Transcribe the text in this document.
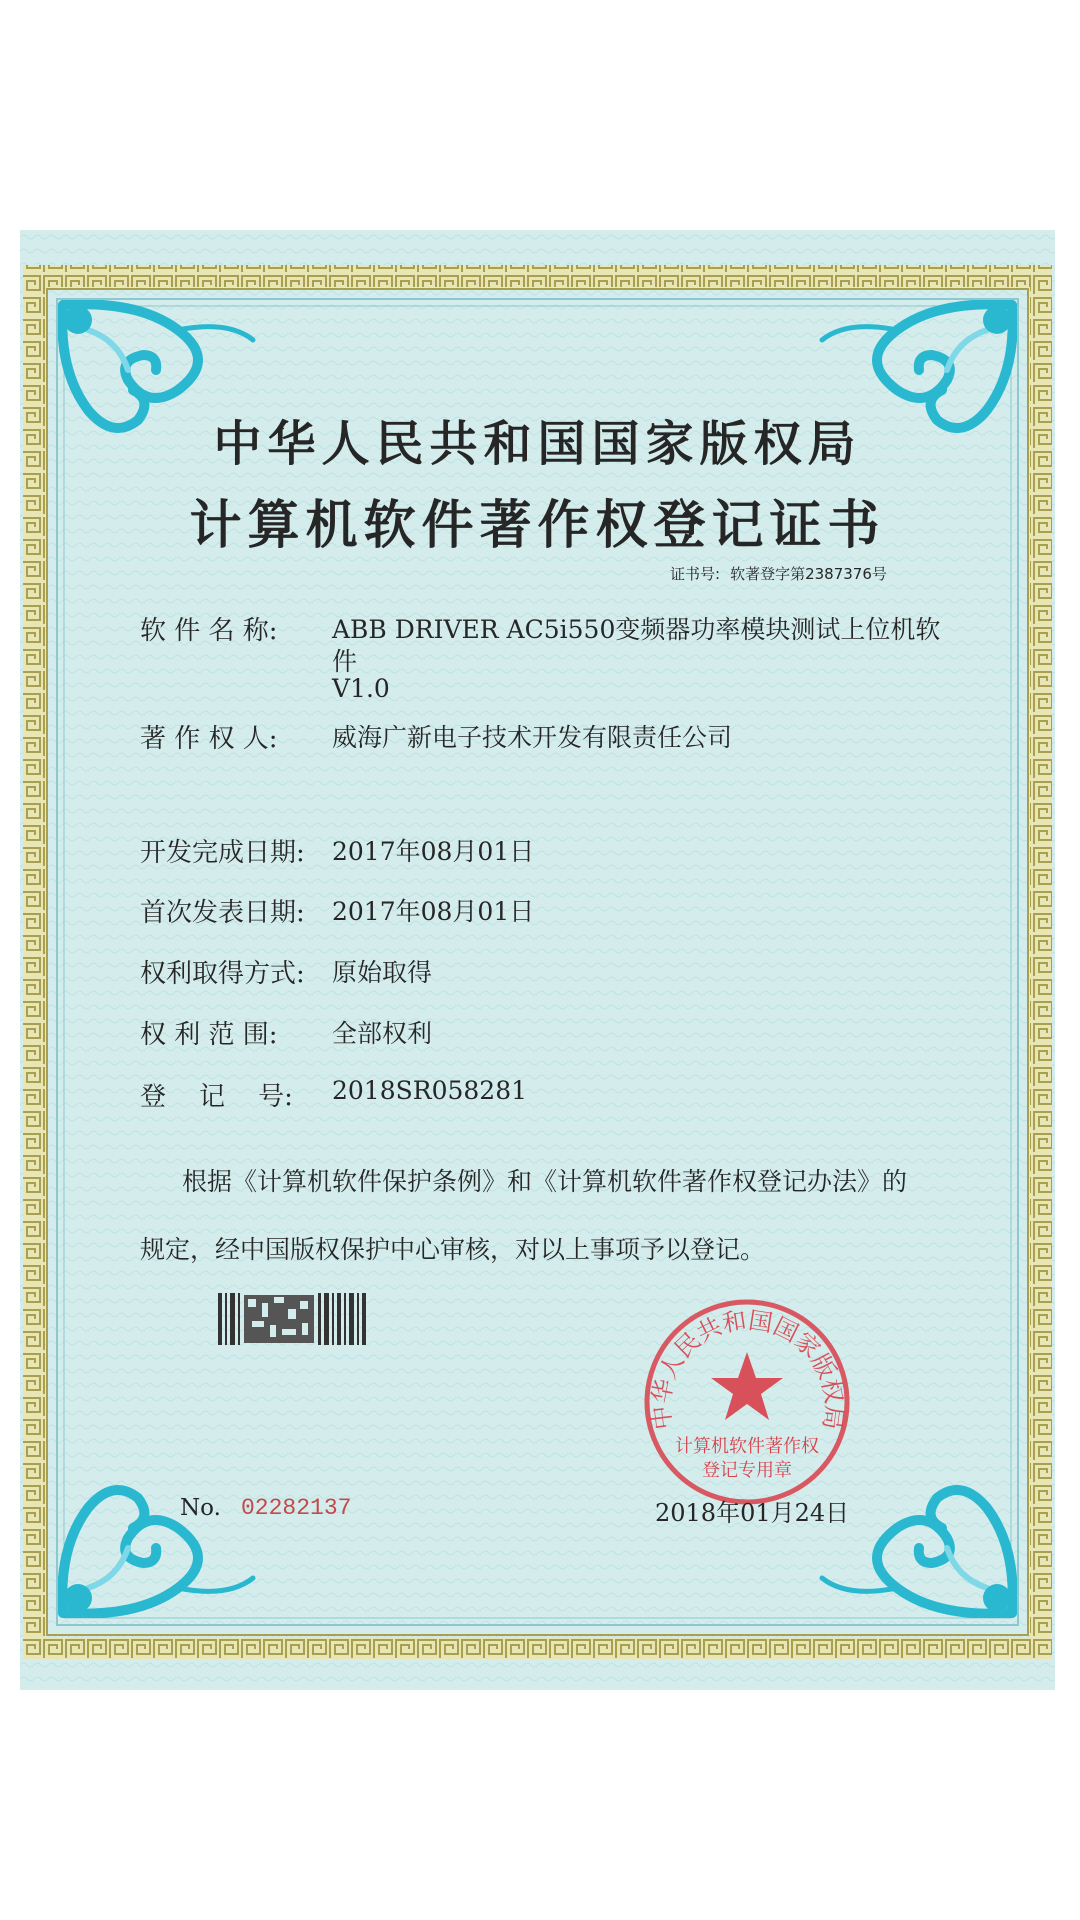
中华人民共和国国家版权局
计算机软件著作权登记证书
证书号: 软著登字第2387376号
软 件 名 称: ABB DRIVER AC5i550变频器功率模块测试上位机软
件
V1.0
著 作 权 人: 威海广新电子技术开发有限责任公司
开发完成日期: 2017年08月01日
首次发表日期: 2017年08月01日
权利取得方式: 原始取得
权 利 范 围: 全部权利
登    记    号: 2018SR058281
根据《计算机软件保护条例》和《计算机软件著作权登记办法》的
规定，经中国版权保护中心审核，对以上事项予以登记。
中华人民共和国国家版权局
计算机软件著作权
登记专用章
No. 02282137	2018年01月24日
